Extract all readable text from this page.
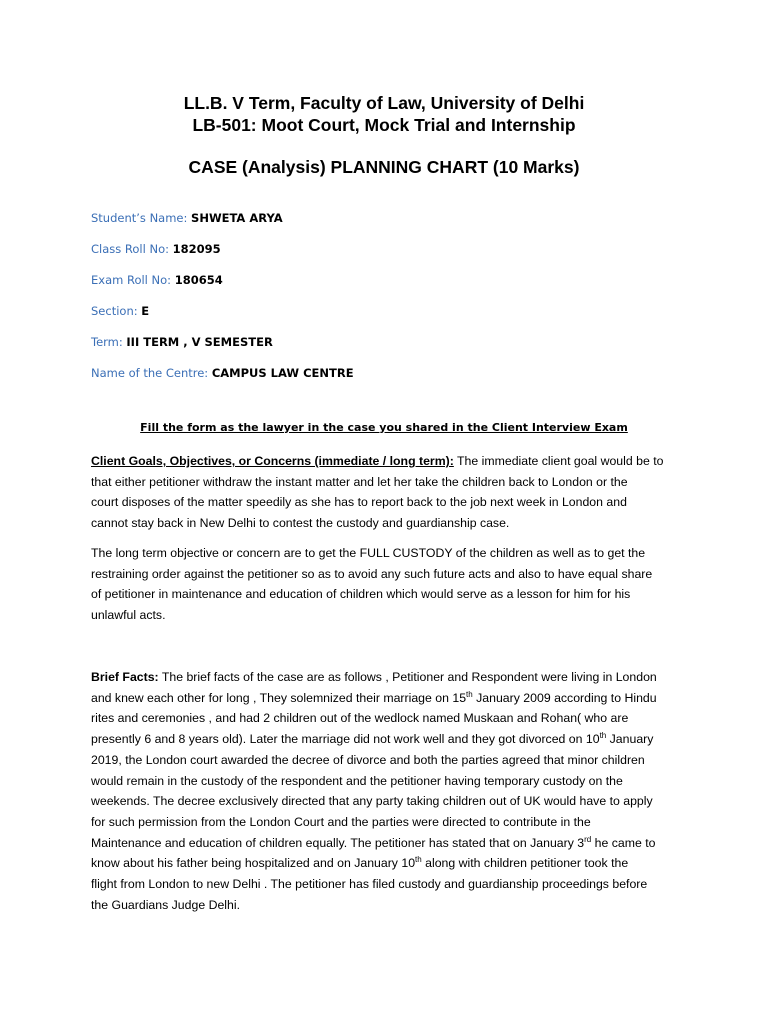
LL.B. V Term, Faculty of Law, University of Delhi
LB-501: Moot Court, Mock Trial and Internship
CASE (Analysis) PLANNING CHART (10 Marks)
Student’s Name: SHWETA ARYA
Class Roll No: 182095
Exam Roll No: 180654
Section: E
Term: III TERM , V SEMESTER
Name of the Centre: CAMPUS LAW CENTRE
Fill the form as the lawyer in the case you shared in the Client Interview Exam
Client Goals, Objectives, or Concerns (immediate / long term): The immediate client goal would be to
that either petitioner withdraw the instant matter and let her take the children back to London or the
court disposes of the matter speedily as she has to report back to the job next week in London and
cannot stay back in New Delhi to contest the custody and guardianship case.
The long term objective or concern are to get the FULL CUSTODY of the children as well as to get the
restraining order against the petitioner so as to avoid any such future acts and also to have equal share
of petitioner in maintenance and education of children which would serve as a lesson for him for his
unlawful acts.
Brief Facts: The brief facts of the case are as follows , Petitioner and Respondent were living in London
and knew each other for long , They solemnized their marriage on 15th January 2009 according to Hindu
rites and ceremonies , and had 2 children out of the wedlock named Muskaan and Rohan( who are
presently 6 and 8 years old). Later the marriage did not work well and they got divorced on 10th January
2019, the London court awarded the decree of divorce and both the parties agreed that minor children
would remain in the custody of the respondent and the petitioner having temporary custody on the
weekends. The decree exclusively directed that any party taking children out of UK would have to apply
for such permission from the London Court and the parties were directed to contribute in the
Maintenance and education of children equally. The petitioner has stated that on January 3rd he came to
know about his father being hospitalized and on January 10th along with children petitioner took the
flight from London to new Delhi . The petitioner has filed custody and guardianship proceedings before
the Guardians Judge Delhi.
